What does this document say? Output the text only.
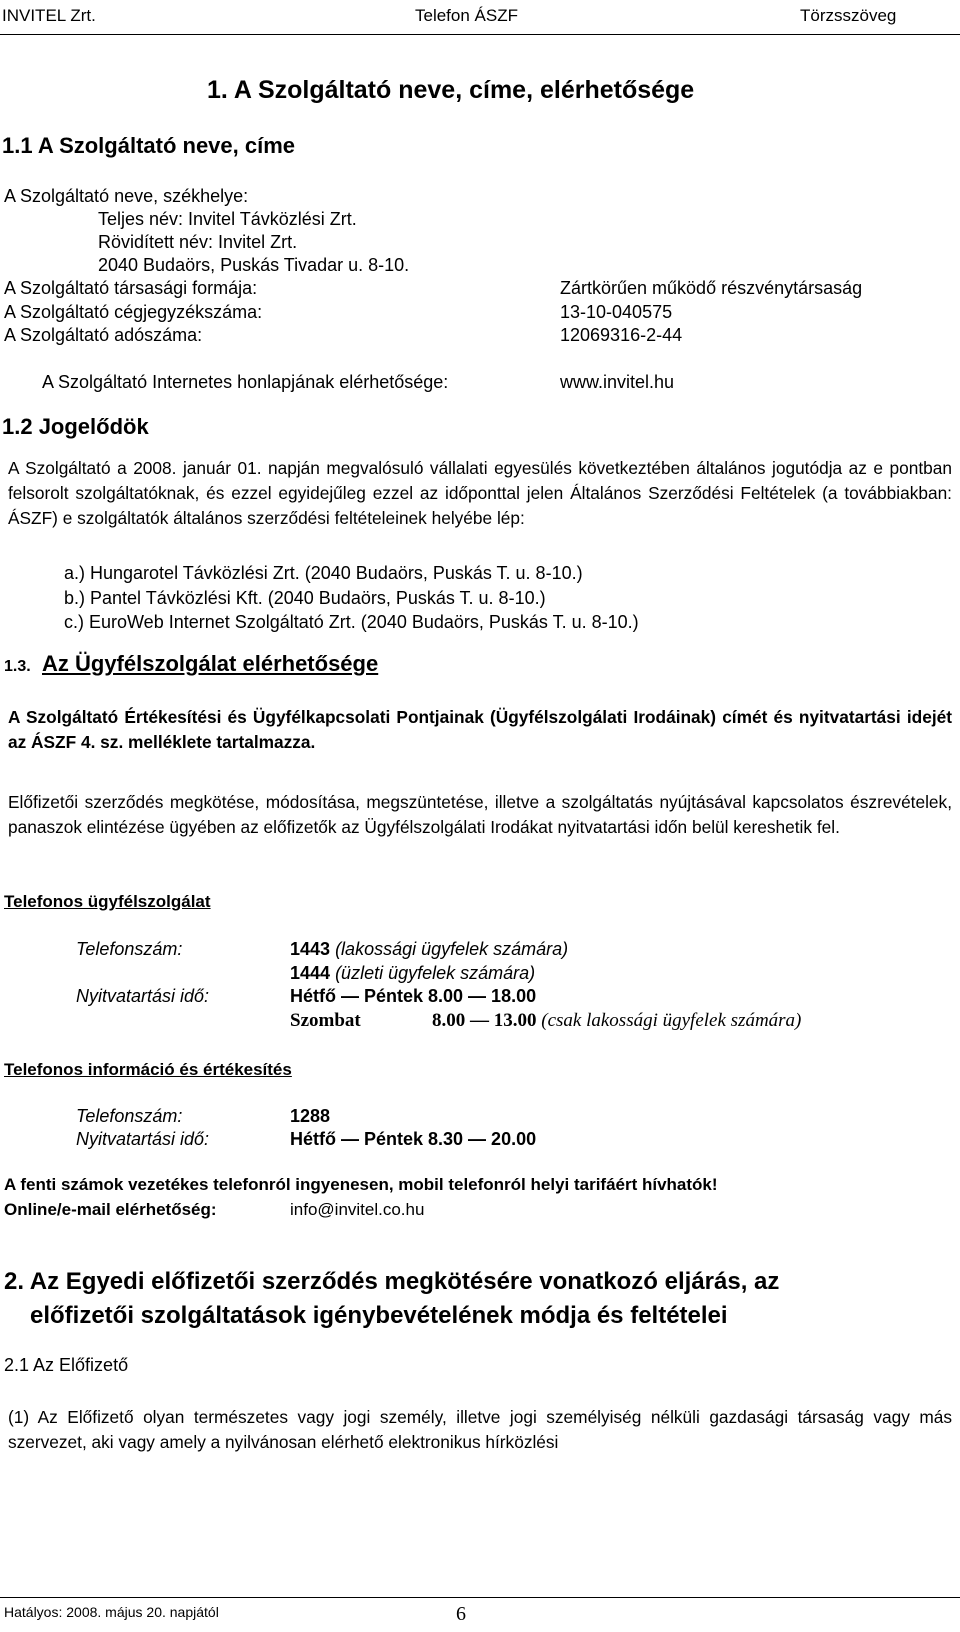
INVITEL Zrt.	Telefon ÁSZF	Törzsszöveg
1. A Szolgáltató neve, címe, elérhetősége
1.1 A Szolgáltató neve, címe
A Szolgáltató neve, székhelye:
Teljes név: Invitel Távközlési Zrt.
Rövidített név: Invitel Zrt.
2040 Budaörs, Puskás Tivadar u. 8-10.
A Szolgáltató társasági formája:	Zártkörűen működő részvénytársaság
A Szolgáltató cégjegyzékszáma:	13-10-040575
A Szolgáltató adószáma:	12069316-2-44
A Szolgáltató Internetes honlapjának elérhetősége:	www.invitel.hu
1.2 Jogelődök
A Szolgáltató a 2008. január 01. napján megvalósuló vállalati egyesülés következtében általános jogutódja az e pontban felsorolt szolgáltatóknak, és ezzel egyidejűleg ezzel az időponttal jelen Általános Szerződési Feltételek (a továbbiakban: ÁSZF) e szolgáltatók általános szerződési feltételeinek helyébe lép:
a.) Hungarotel Távközlési Zrt. (2040 Budaörs, Puskás T. u. 8-10.)
b.) Pantel Távközlési Kft. (2040 Budaörs, Puskás T. u. 8-10.)
c.) EuroWeb Internet Szolgáltató Zrt. (2040 Budaörs, Puskás T. u. 8-10.)
1.3. Az Ügyfélszolgálat elérhetősége
A Szolgáltató Értékesítési és Ügyfélkapcsolati Pontjainak (Ügyfélszolgálati Irodáinak) címét és nyitvatartási idejét az ÁSZF 4. sz. melléklete tartalmazza.
Előfizetői szerződés megkötése, módosítása, megszüntetése, illetve a szolgáltatás nyújtásával kapcsolatos észrevételek, panaszok elintézése ügyében az előfizetők az Ügyfélszolgálati Irodákat nyitvatartási időn belül kereshetik fel.
Telefonos ügyfélszolgálat
Telefonszám:	1443 (lakossági ügyfelek számára)
1444 (üzleti ügyfelek számára)
Nyitvatartási idő:	Hétfő — Péntek 8.00 — 18.00
Szombat	8.00 — 13.00 (csak lakossági ügyfelek számára)
Telefonos információ és értékesítés
Telefonszám:	1288
Nyitvatartási idő:	Hétfő — Péntek 8.30 — 20.00
A fenti számok vezetékes telefonról ingyenesen, mobil telefonról helyi tarifáért hívhatók!
Online/e-mail elérhetőség:	info@invitel.co.hu
2. Az Egyedi előfizetői szerződés megkötésére vonatkozó eljárás, az
előfizetői szolgáltatások igénybevételének módja és feltételei
2.1 Az Előfizető
(1) Az Előfizető olyan természetes vagy jogi személy, illetve jogi személyiség nélküli gazdasági társaság vagy más szervezet, aki vagy amely a nyilvánosan elérhető elektronikus hírközlési
Hatályos: 2008. május 20. napjától	6
